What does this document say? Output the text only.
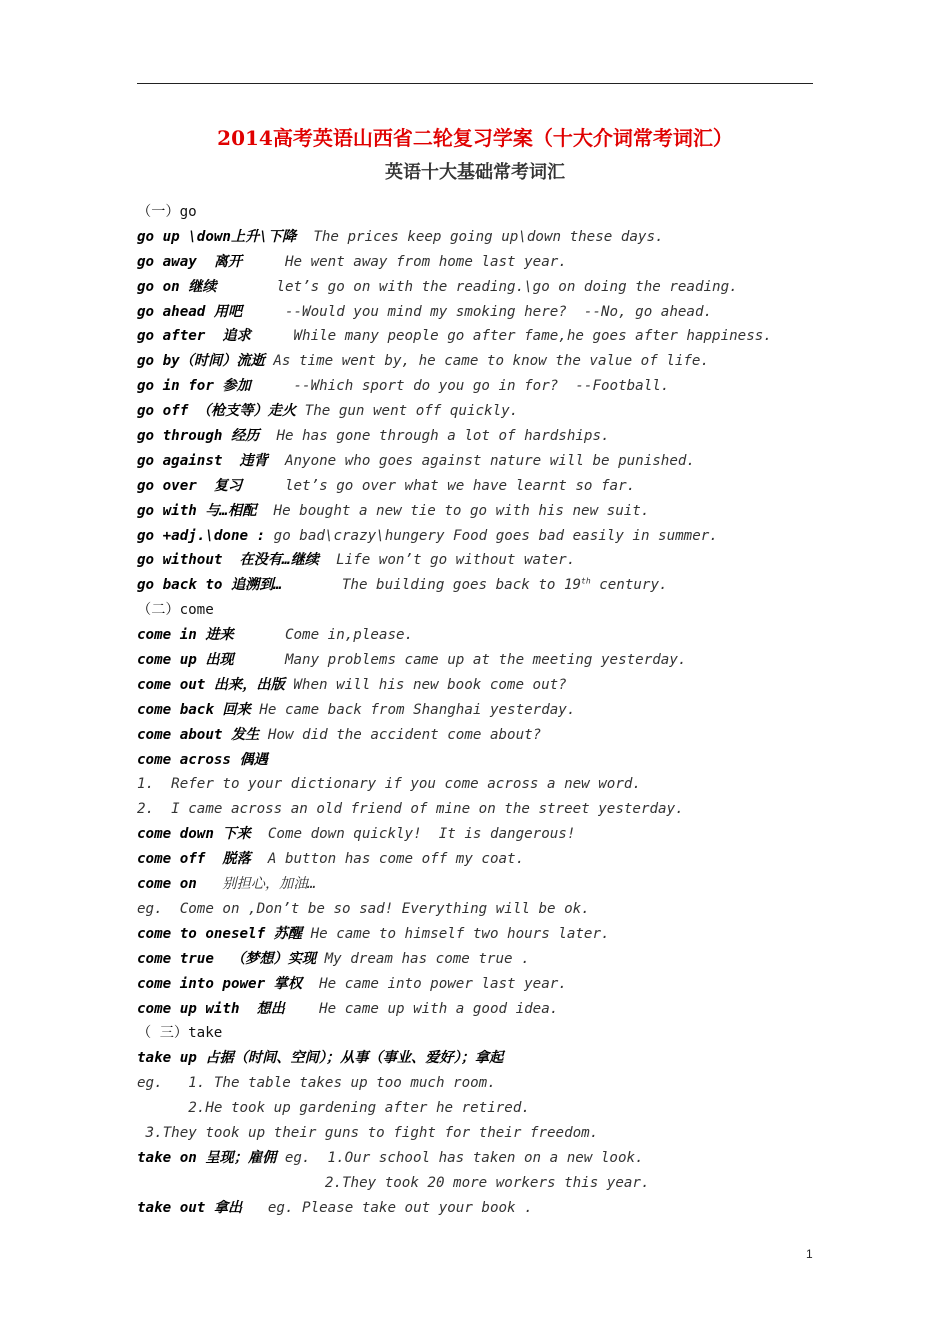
2014高考英语山西省二轮复习学案（十大介词常考词汇）
英语十大基础常考词汇
（一）go
go up \down上升\下降 The prices keep going up\down these days.
go away  离开	He went away from home last year.
go on 继续	let’s go on with the reading.\go on doing the reading.
go ahead 用吧	--Would you mind my smoking here?  --No, go ahead.
go after  追求	While many people go after fame,he goes after happiness.
go by（时间）流逝 As time went by, he came to know the value of life.
go in for 参加	--Which sport do you go in for?  --Football.
go off （枪支等）走火 The gun went off quickly.
go through 经历 He has gone through a lot of hardships.
go against  违背 Anyone who goes against nature will be punished.
go over  复习	let’s go over what we have learnt so far.
go with 与…相配 He bought a new tie to go with his new suit.
go +adj.\done : go bad\crazy\hungery Food goes bad easily in summer.
go without  在没有…继续 Life won’t go without water.
go back to 追溯到…	The building goes back to 19th century.
（二）come
come in 进来	Come in,please.
come up 出现	Many problems came up at the meeting yesterday.
come out 出来，出版 When will his new book come out?
come back 回来 He came back from Shanghai yesterday.
come about 发生 How did the accident come about?
come across 偶遇
1.  Refer to your dictionary if you come across a new word.
2.  I came across an old friend of mine on the street yesterday.
come down 下来 Come down quickly!  It is dangerous!
come off  脱落 A button has come off my coat.
come on 别担心，加油…
eg.  Come on ,Don’t be so sad! Everything will be ok.
come to oneself 苏醒 He came to himself two hours later.
come true  （梦想）实现 My dream has come true .
come into power 掌权 He came into power last year.
come up with  想出 He came up with a good idea.
（ 三）take
take up 占据（时间、空间）；从事（事业、爱好）；拿起
eg.   1. The table takes up too much room.
2.He took up gardening after he retired.
3.They took up their guns to fight for their freedom.
take on 呈现；雇佣 eg.  1.Our school has taken on a new look.
2.They took 20 more workers this year.
take out 拿出 eg. Please take out your book .
1
